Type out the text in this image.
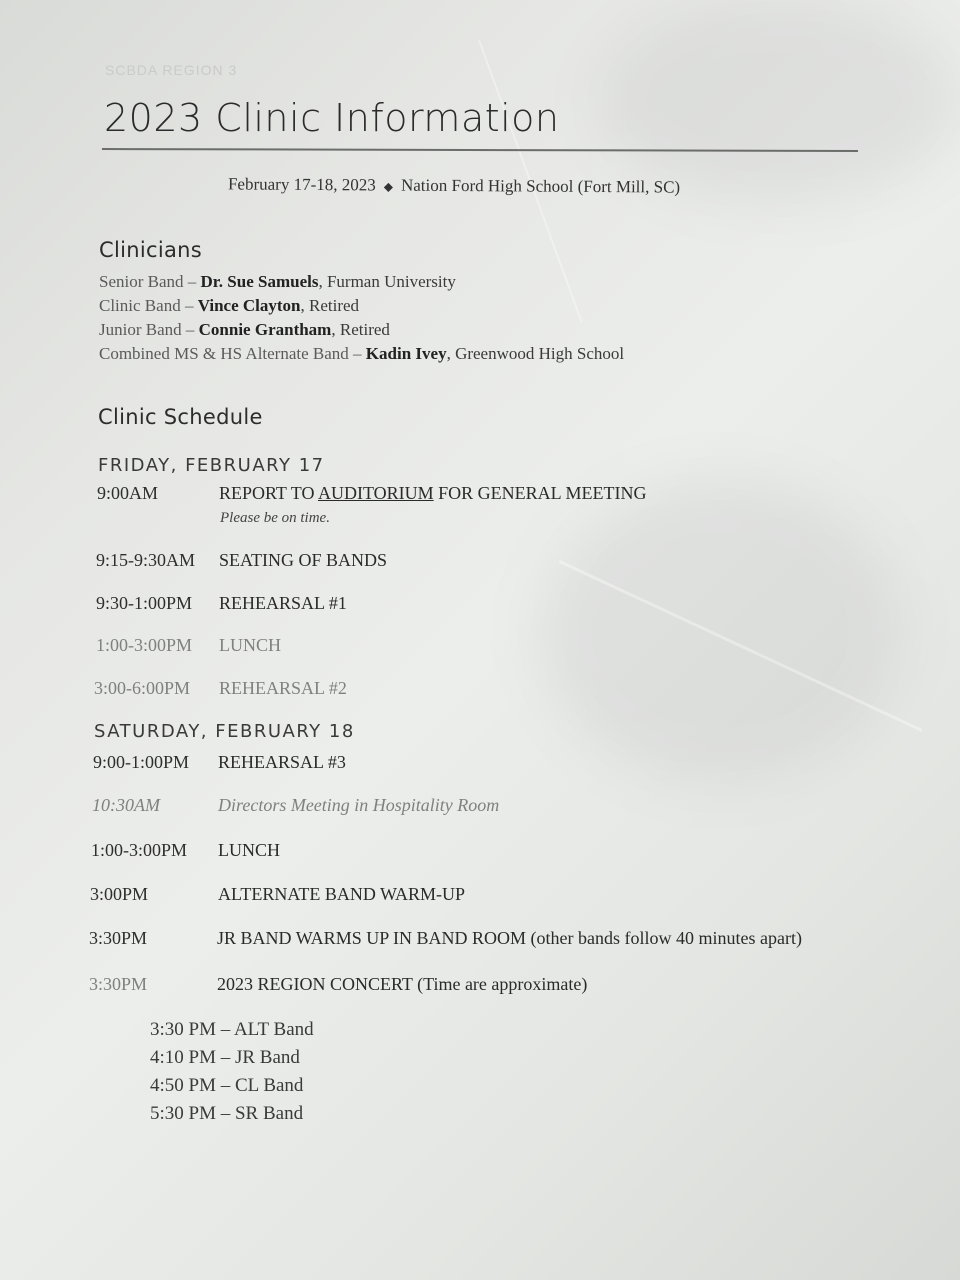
SCBDA REGION 3
2023 Clinic Information
February 17-18, 2023 ◆ Nation Ford High School (Fort Mill, SC)
Clinicians
Senior Band – Dr. Sue Samuels, Furman University
Clinic Band – Vince Clayton, Retired
Junior Band – Connie Grantham, Retired
Combined MS & HS Alternate Band – Kadin Ivey, Greenwood High School
Clinic Schedule
FRIDAY, FEBRUARY 17
9:00AM	REPORT TO AUDITORIUM FOR GENERAL MEETING
Please be on time.
9:15-9:30AM SEATING OF BANDS
9:30-1:00PM REHEARSAL #1
1:00-3:00PM LUNCH
3:00-6:00PM REHEARSAL #2
SATURDAY, FEBRUARY 18
9:00-1:00PM REHEARSAL #3
10:30AM	Directors Meeting in Hospitality Room
1:00-3:00PM LUNCH
3:00PM	ALTERNATE BAND WARM-UP
3:30PM	JR BAND WARMS UP IN BAND ROOM (other bands follow 40 minutes apart)
3:30PM	2023 REGION CONCERT (Time are approximate)
3:30 PM – ALT Band
4:10 PM – JR Band
4:50 PM – CL Band
5:30 PM – SR Band
